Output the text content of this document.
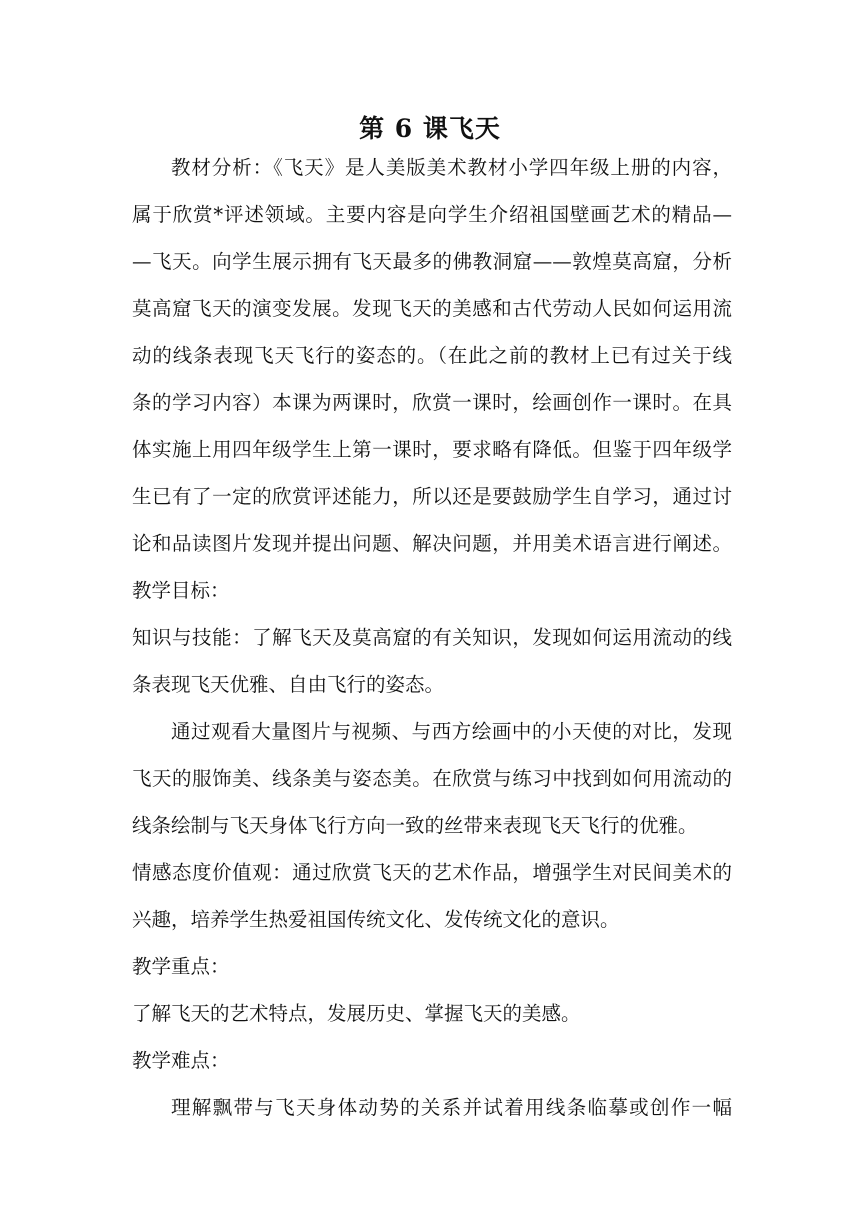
第 6 课飞天
教材分析：《飞天》是人美版美术教材小学四年级上册的内容，
属于欣赏*评述领域。主要内容是向学生介绍祖国壁画艺术的精品—
—飞天。向学生展示拥有飞天最多的佛教洞窟——敦煌莫高窟，分析
莫高窟飞天的演变发展。发现飞天的美感和古代劳动人民如何运用流
动的线条表现飞天飞行的姿态的。（在此之前的教材上已有过关于线
条的学习内容）本课为两课时，欣赏一课时，绘画创作一课时。在具
体实施上用四年级学生上第一课时，要求略有降低。但鉴于四年级学
生已有了一定的欣赏评述能力，所以还是要鼓励学生自学习，通过讨
论和品读图片发现并提出问题、解决问题，并用美术语言进行阐述。
教学目标：
知识与技能：了解飞天及莫高窟的有关知识，发现如何运用流动的线
条表现飞天优雅、自由飞行的姿态。
通过观看大量图片与视频、与西方绘画中的小天使的对比，发现
飞天的服饰美、线条美与姿态美。在欣赏与练习中找到如何用流动的
线条绘制与飞天身体飞行方向一致的丝带来表现飞天飞行的优雅。
情感态度价值观：通过欣赏飞天的艺术作品，增强学生对民间美术的
兴趣，培养学生热爱祖国传统文化、发传统文化的意识。
教学重点：
了解飞天的艺术特点，发展历史、掌握飞天的美感。
教学难点：
理解飘带与飞天身体动势的关系并试着用线条临摹或创作一幅
